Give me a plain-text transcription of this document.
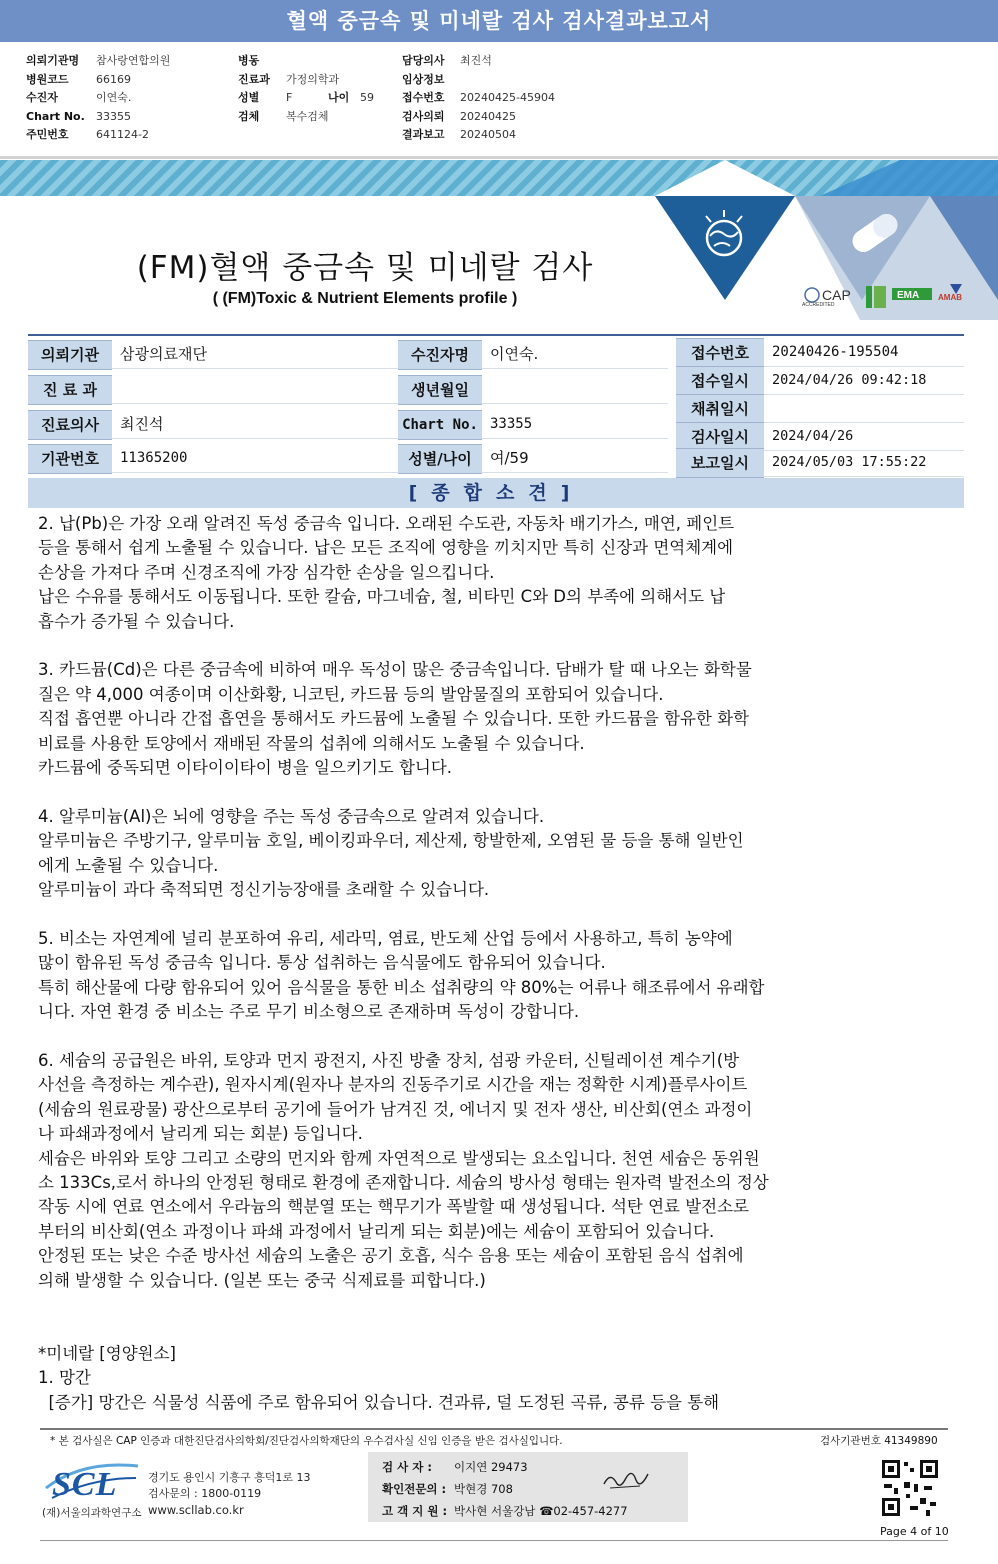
혈액 중금속 및 미네랄 검사 검사결과보고서
의뢰기관명 참사랑연합의원
병원코드 66169
수진자	이연숙.
Chart No. 33355
주민번호 641124-2
병동
진료과 가정의학과
성별 F	나이 59
검체 복수검체
담당의사 최진석
임상정보
접수번호 20240425-45904
검사의뢰 20240425
결과보고 20240504
CAP
ACCREDITED
EMA AMAB
(FM)혈액 중금속 및 미네랄 검사
( (FM)Toxic & Nutrient Elements profile )
의뢰기관	삼광의료재단
진 료 과
진료의사	최진석
기관번호	11365200
수진자명	이연숙.
생년월일
Chart No. 33355
성별/나이	여/59
접수번호	20240426-195504
접수일시	2024/04/26 09:42:18
채취일시
검사일시	2024/04/26
보고일시	2024/05/03 17:55:22
[종합소견]
2. 납(Pb)은 가장 오래 알려진 독성 중금속 입니다. 오래된 수도관, 자동차 배기가스, 매연, 페인트
등을 통해서 쉽게 노출될 수 있습니다. 납은 모든 조직에 영향을 끼치지만 특히 신장과 면역체계에
손상을 가져다 주며 신경조직에 가장 심각한 손상을 일으킵니다.
납은 수유를 통해서도 이동됩니다. 또한 칼슘, 마그네슘, 철, 비타민 C와 D의 부족에 의해서도 납
흡수가 증가될 수 있습니다.
3. 카드뮴(Cd)은 다른 중금속에 비하여 매우 독성이 많은 중금속입니다. 담배가 탈 때 나오는 화학물
질은 약 4,000 여종이며 이산화황, 니코틴, 카드뮴 등의 발암물질의 포함되어 있습니다.
직접 흡연뿐 아니라 간접 흡연을 통해서도 카드뮴에 노출될 수 있습니다. 또한 카드뮴을 함유한 화학
비료를 사용한 토양에서 재배된 작물의 섭취에 의해서도 노출될 수 있습니다.
카드뮴에 중독되면 이타이이타이 병을 일으키기도 합니다.
4. 알루미늄(Al)은 뇌에 영향을 주는 독성 중금속으로 알려져 있습니다.
알루미늄은 주방기구, 알루미늄 호일, 베이킹파우더, 제산제, 항발한제, 오염된 물 등을 통해 일반인
에게 노출될 수 있습니다.
알루미늄이 과다 축적되면 정신기능장애를 초래할 수 있습니다.
5. 비소는 자연계에 널리 분포하여 유리, 세라믹, 염료, 반도체 산업 등에서 사용하고, 특히 농약에
많이 함유된 독성 중금속 입니다. 통상 섭취하는 음식물에도 함유되어 있습니다.
특히 해산물에 다량 함유되어 있어 음식물을 통한 비소 섭취량의 약 80%는 어류나 해조류에서 유래합
니다. 자연 환경 중 비소는 주로 무기 비소형으로 존재하며 독성이 강합니다.
6. 세슘의 공급원은 바위, 토양과 먼지 광전지, 사진 방출 장치, 섬광 카운터, 신틸레이션 계수기(방
사선을 측정하는 계수관), 원자시계(원자나 분자의 진동주기로 시간을 재는 정확한 시계)플루사이트
(세슘의 원료광물) 광산으로부터 공기에 들어가 남겨진 것, 에너지 및 전자 생산, 비산회(연소 과정이
나 파쇄과정에서 날리게 되는 회분) 등입니다.
세슘은 바위와 토양 그리고 소량의 먼지와 함께 자연적으로 발생되는 요소입니다. 천연 세슘은 동위원
소 133Cs,로서 하나의 안정된 형태로 환경에 존재합니다. 세슘의 방사성 형태는 원자력 발전소의 정상
작동 시에 연료 연소에서 우라늄의 핵분열 또는 핵무기가 폭발할 때 생성됩니다. 석탄 연료 발전소로
부터의 비산회(연소 과정이나 파쇄 과정에서 날리게 되는 회분)에는 세슘이 포함되어 있습니다.
안정된 또는 낮은 수준 방사선 세슘의 노출은 공기 호흡, 식수 음용 또는 세슘이 포함된 음식 섭취에
의해 발생할 수 있습니다. (일본 또는 중국 식제료를 피합니다.)
*미네랄 [영양원소]
1. 망간
[증가] 망간은 식물성 식품에 주로 함유되어 있습니다. 견과류, 덜 도정된 곡류, 콩류 등을 통해
* 본 검사실은 CAP 인증과 대한진단검사의학회/진단검사의학재단의 우수검사실 신임 인증을 받은 검사실입니다.	검사기관번호 41349890
SCL
(재)서울의과학연구소
경기도 용인시 기흥구 흥덕1로 13
검사문의 : 1800-0119
www.scllab.co.kr
검 사 자 : 이지연 29473
확인전문의 : 박현경 708
고 객 지 원 : 박사현 서울강남 ☎02-457-4277
Page 4 of 10
